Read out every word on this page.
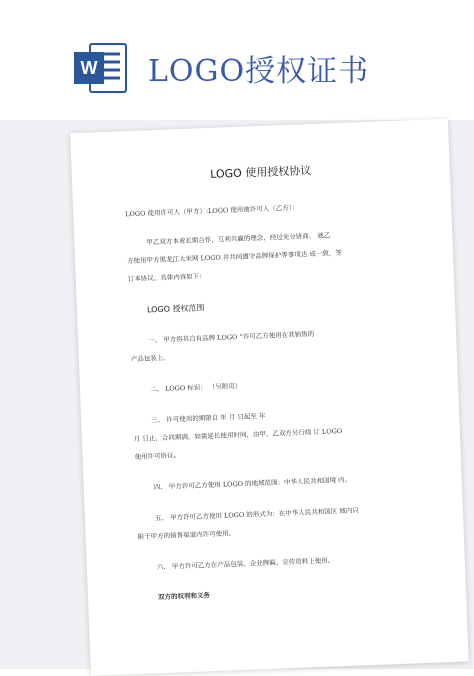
W LOGO授权证书
LOGO 使用授权协议
LOGO 使用许可人（甲方）:LOGO 使用被许可人（乙方）：
甲乙双方本着长期合作，互利共赢的理念，经过充分协商， 就乙
方使用甲方黑龙江大米网 LOGO 并共同遵守品牌保护等事项达 成一致，签
订本协议，具体内容如下：
LOGO 授权范围
一、 甲方将其自有品牌 LOGO “许可乙方使用在其销售的
产品包装上。
二、 LOGO 标识： （另附页）
三、 许可使用的期限自 年 月 日起至 年
月 日止，合同期满，如需延长使用时间，由甲、乙双方另行续 订 LOGO
使用许可协议。
四、 甲方许可乙方使用 LOGO 的地域范围：中华人民共和国境 内。
五、 甲方许可乙方使用 LOGO 的形式为：在中华人民共和国区 域内只
限于甲方的销售渠道内许可使用。
六、 甲方许可乙方在产品包装、企业牌匾、宣传资料上使用。
双方的权利和义务
